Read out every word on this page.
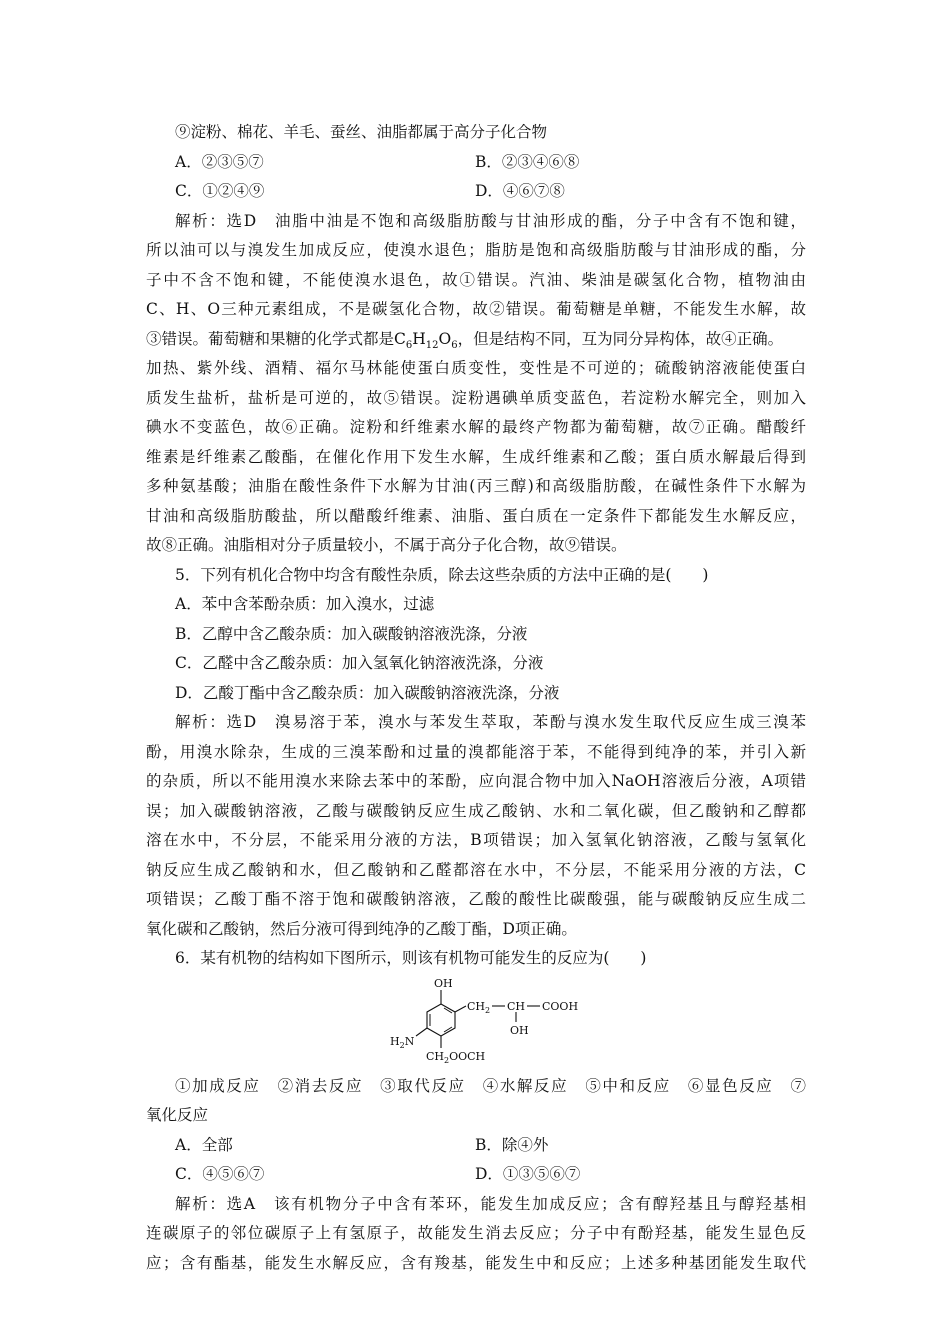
⑨淀粉、棉花、羊毛、蚕丝、油脂都属于高分子化合物
A．②③⑤⑦	B．②③④⑥⑧
C．①②④⑨	D．④⑥⑦⑧
解析：选D　油脂中油是不饱和高级脂肪酸与甘油形成的酯，分子中含有不饱和键，
所以油可以与溴发生加成反应，使溴水退色；脂肪是饱和高级脂肪酸与甘油形成的酯，分
子中不含不饱和键，不能使溴水退色，故①错误。汽油、柴油是碳氢化合物，植物油由
C、H、O三种元素组成，不是碳氢化合物，故②错误。葡萄糖是单糖，不能发生水解，故
③错误。葡萄糖和果糖的化学式都是$C_6H_{12}O_6$，但是结构不同，互为同分异构体，故④正确。
加热、紫外线、酒精、福尔马林能使蛋白质变性，变性是不可逆的；硫酸钠溶液能使蛋白
质发生盐析，盐析是可逆的，故⑤错误。淀粉遇碘单质变蓝色，若淀粉水解完全，则加入
碘水不变蓝色，故⑥正确。淀粉和纤维素水解的最终产物都为葡萄糖，故⑦正确。醋酸纤
维素是纤维素乙酸酯，在催化作用下发生水解，生成纤维素和乙酸；蛋白质水解最后得到
多种氨基酸；油脂在酸性条件下水解为甘油(丙三醇)和高级脂肪酸，在碱性条件下水解为
甘油和高级脂肪酸盐，所以醋酸纤维素、油脂、蛋白质在一定条件下都能发生水解反应，
故⑧正确。油脂相对分子质量较小，不属于高分子化合物，故⑨错误。
5．下列有机化合物中均含有酸性杂质，除去这些杂质的方法中正确的是(　　)
A．苯中含苯酚杂质：加入溴水，过滤
B．乙醇中含乙酸杂质：加入碳酸钠溶液洗涤，分液
C．乙醛中含乙酸杂质：加入氢氧化钠溶液洗涤，分液
D．乙酸丁酯中含乙酸杂质：加入碳酸钠溶液洗涤，分液
解析：选D　溴易溶于苯，溴水与苯发生萃取，苯酚与溴水发生取代反应生成三溴苯
酚，用溴水除杂，生成的三溴苯酚和过量的溴都能溶于苯，不能得到纯净的苯，并引入新
的杂质，所以不能用溴水来除去苯中的苯酚，应向混合物中加入NaOH溶液后分液，A项错
误；加入碳酸钠溶液，乙酸与碳酸钠反应生成乙酸钠、水和二氧化碳，但乙酸钠和乙醇都
溶在水中，不分层，不能采用分液的方法，B项错误；加入氢氧化钠溶液，乙酸与氢氧化
钠反应生成乙酸钠和水，但乙酸钠和乙醛都溶在水中，不分层，不能采用分液的方法，C
项错误；乙酸丁酯不溶于饱和碳酸钠溶液，乙酸的酸性比碳酸强，能与碳酸钠反应生成二
氧化碳和乙酸钠，然后分液可得到纯净的乙酸丁酯，D项正确。
6．某有机物的结构如下图所示，则该有机物可能发生的反应为(　　)
OH
$CH_2$ CH COOH
OH
$H_2N$
$CH_2OOCH$
①加成反应　②消去反应　③取代反应　④水解反应　⑤中和反应　⑥显色反应　⑦
氧化反应
A．全部	B．除④外
C．④⑤⑥⑦	D．①③⑤⑥⑦
解析：选A　该有机物分子中含有苯环，能发生加成反应；含有醇羟基且与醇羟基相
连碳原子的邻位碳原子上有氢原子，故能发生消去反应；分子中有酚羟基，能发生显色反
应；含有酯基，能发生水解反应，含有羧基，能发生中和反应；上述多种基团能发生取代
